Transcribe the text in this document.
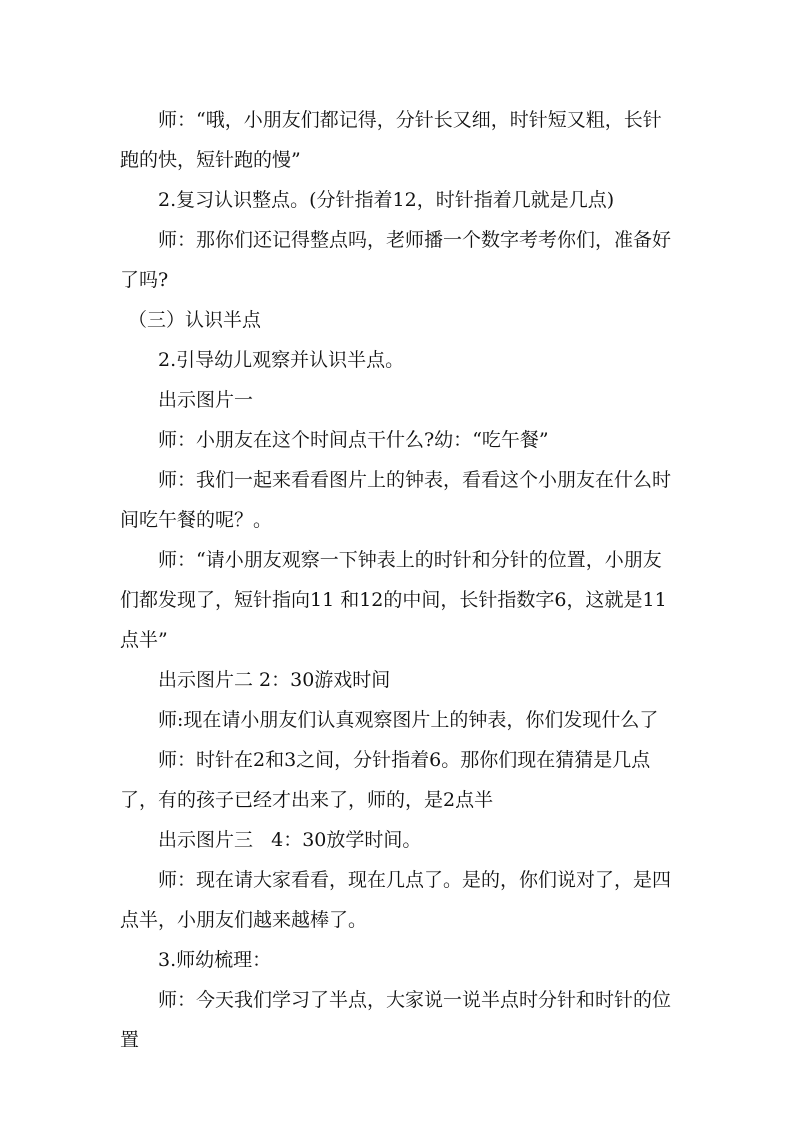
师：“哦，小朋友们都记得，分针长又细，时针短又粗，长针跑的快，短针跑的慢”

2.复习认识整点。(分针指着12，时针指着几就是几点)

师：那你们还记得整点吗，老师播一个数字考考你们，准备好了吗?

（三）认识半点

2.引导幼儿观察并认识半点。

出示图片一

师：小朋友在这个时间点干什么?幼：“吃午餐”

师：我们一起来看看图片上的钟表，看看这个小朋友在什么时间吃午餐的呢？。

师：“请小朋友观察一下钟表上的时针和分针的位置，小朋友们都发现了，短针指向11 和12的中间，长针指数字6，这就是11点半”

出示图片二 2：30游戏时间

师:现在请小朋友们认真观察图片上的钟表，你们发现什么了

师：时针在2和3之间，分针指着6。那你们现在猜猜是几点了，有的孩子已经才出来了，师的，是2点半

出示图片三   4：30放学时间。

师：现在请大家看看，现在几点了。是的，你们说对了，是四点半，小朋友们越来越棒了。

3.师幼梳理：

师：今天我们学习了半点，大家说一说半点时分针和时针的位置
